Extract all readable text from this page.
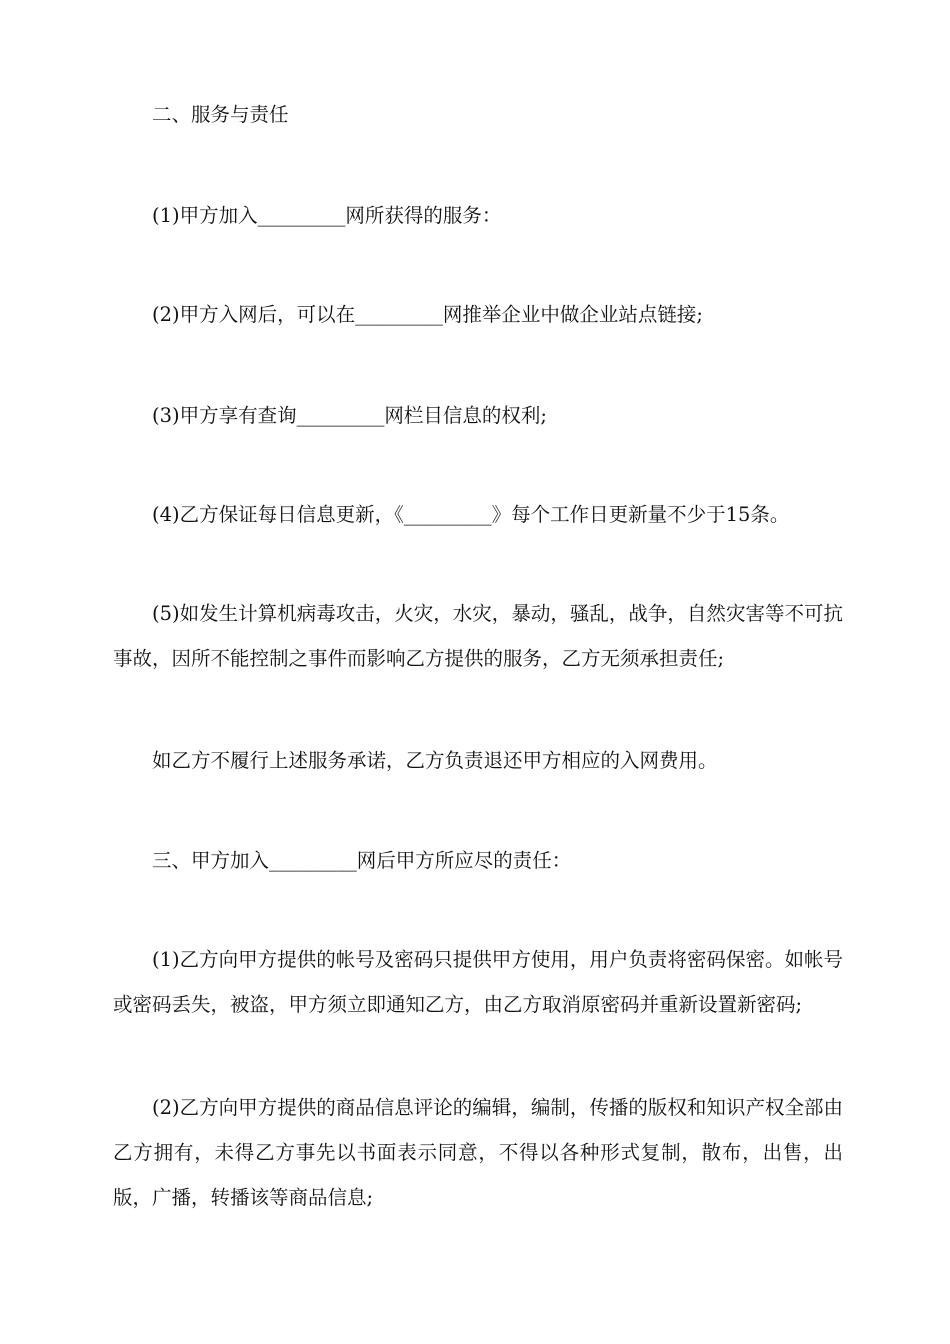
二、服务与责任

(1)甲方加入_________网所获得的服务：

(2)甲方入网后，可以在_________网推举企业中做企业站点链接;

(3)甲方享有查询_________网栏目信息的权利;

(4)乙方保证每日信息更新，《_________》每个工作日更新量不少于15条。

(5)如发生计算机病毒攻击，火灾，水灾，暴动，骚乱，战争，自然灾害等不可抗事故，因所不能控制之事件而影响乙方提供的服务，乙方无须承担责任;

如乙方不履行上述服务承诺，乙方负责退还甲方相应的入网费用。

三、甲方加入_________网后甲方所应尽的责任：

(1)乙方向甲方提供的帐号及密码只提供甲方使用，用户负责将密码保密。如帐号或密码丢失，被盗，甲方须立即通知乙方，由乙方取消原密码并重新设置新密码;

(2)乙方向甲方提供的商品信息评论的编辑，编制，传播的版权和知识产权全部由乙方拥有，未得乙方事先以书面表示同意，不得以各种形式复制，散布，出售，出版，广播，转播该等商品信息;
